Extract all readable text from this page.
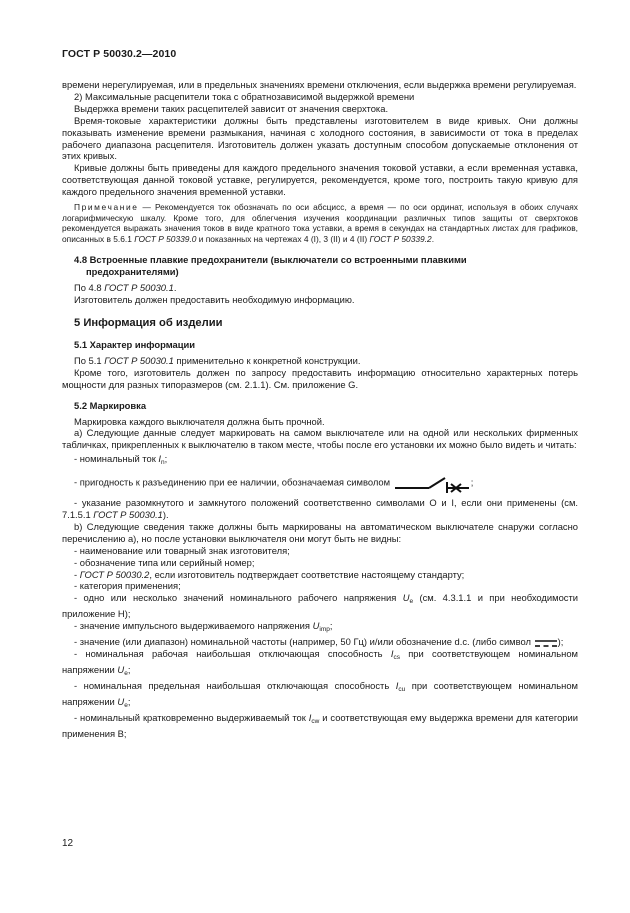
ГОСТ Р 50030.2—2010

времени нерегулируемая, или в предельных значениях времени отключения, если выдержка времени регулируемая.

2) Максимальные расцепители тока с обратнозависимой выдержкой времени

Выдержка времени таких расцепителей зависит от значения сверхтока.

Время-токовые характеристики должны быть представлены изготовителем в виде кривых. Они должны показывать изменение времени размыкания, начиная с холодного состояния, в зависимости от тока в пределах рабочего диапазона расцепителя. Изготовитель должен указать доступным способом допускаемые отклонения от этих кривых.

Кривые должны быть приведены для каждого предельного значения токовой уставки, а если временная уставка, соответствующая данной токовой уставке, регулируется, рекомендуется, кроме того, построить такую кривую для каждого предельного значения временной уставки.

Примечание — Рекомендуется ток обозначать по оси абсцисс, а время — по оси ординат, используя в обоих случаях логарифмическую шкалу. Кроме того, для облегчения изучения координации различных типов защиты от сверхтоков рекомендуется выражать значения токов в виде кратного тока уставки, а время в секундах на стандартных листах для графиков, описанных в 5.6.1 ГОСТ Р 50339.0 и показанных на чертежах 4 (I), 3 (II) и 4 (II) ГОСТ Р 50339.2.

4.8 Встроенные плавкие предохранители (выключатели со встроенными плавкими
предохранителями)

По 4.8 ГОСТ Р 50030.1.

Изготовитель должен предоставить необходимую информацию.

5 Информация об изделии
5.1 Характер информации

По 5.1 ГОСТ Р 50030.1 применительно к конкретной конструкции.

Кроме того, изготовитель должен по запросу предоставить информацию относительно характерных потерь мощности для разных типоразмеров (см. 2.1.1). См. приложение G.

5.2 Маркировка

Маркировка каждого выключателя должна быть прочной.

а) Следующие данные следует маркировать на самом выключателе или на одной или нескольких фирменных табличках, прикрепленных к выключателю в таком месте, чтобы после его установки их можно было видеть и читать:

- номинальный ток $I_n$;

- пригодность к разъединению при ее наличии, обозначаемая символом	;

- указание разомкнутого и замкнутого положений соответственно символами O и I, если они применены (см. 7.1.5.1 ГОСТ Р 50030.1).

b) Следующие сведения также должны быть маркированы на автоматическом выключателе снаружи согласно перечислению а), но после установки выключателя они могут быть не видны:

- наименование или товарный знак изготовителя;

- обозначение типа или серийный номер;

- ГОСТ Р 50030.2, если изготовитель подтверждает соответствие настоящему стандарту;

- категория применения;

- одно или несколько значений номинального рабочего напряжения $U_e$ (см. 4.3.1.1 и при необходимости приложение Н);

- значение импульсного выдерживаемого напряжения $U_{imp}$;

- значение (или диапазон) номинальной частоты (например, 50 Гц) и/или обозначение d.c. (либо символ	);

- номинальная рабочая наибольшая отключающая способность $I_{cs}$ при соответствующем номинальном напряжении $U_e$;

- номинальная предельная наибольшая отключающая способность $I_{cu}$ при соответствующем номинальном напряжении $U_e$;

- номинальный кратковременно выдерживаемый ток $I_{cw}$ и соответствующая ему выдержка времени для категории применения В;

12
